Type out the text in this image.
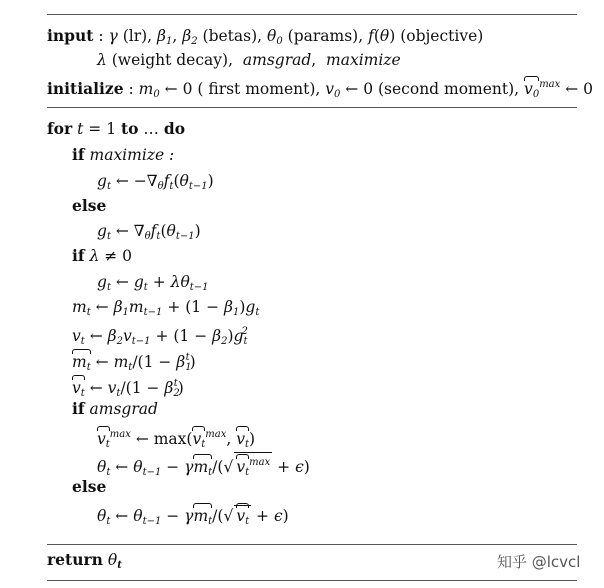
input : γ (lr), $\beta_1$, $\beta_2$ (betas), $\theta_0$ (params), f(θ) (objective)
λ (weight decay),  amsgrad,  maximize
initialize : $m_0$ ← 0 ( first moment), $v_0$ ← 0 (second moment), $v_0^{max}$ ← 0
for t = 1 to … do
if maximize :
$g_t$ ← $-\nabla_\theta f_t(\theta_{t-1})$
else
$g_t$ ← $\nabla_\theta f_t(\theta_{t-1})$
if λ ≠ 0
$g_t$ ← $g_t + \lambda\theta_{t-1}$
$m_t$ ← $\beta_1m_{t-1} + (1 - \beta_1)g_t$
$v_t$ ← $\beta_2v_{t-1} + (1 - \beta_2)g_t^2$
$m_t$ ← $m_t/(1 - \beta_1^t)$
$v_t$ ← $v_t/(1 - \beta_2^t)$
if amsgrad
$v_t^{max}$ ← $\max(v_t^{max}$, $v_t$)
$\theta_t$ ← $\theta_{t-1} - \gamma m_t/(√$ $v_t^{max} + \epsilon$)
else
$\theta_t$ ← $\theta_{t-1} - \gamma m_t/(√$ $v_t + \epsilon$)
return $\theta_t$	知乎 @lcvcl
